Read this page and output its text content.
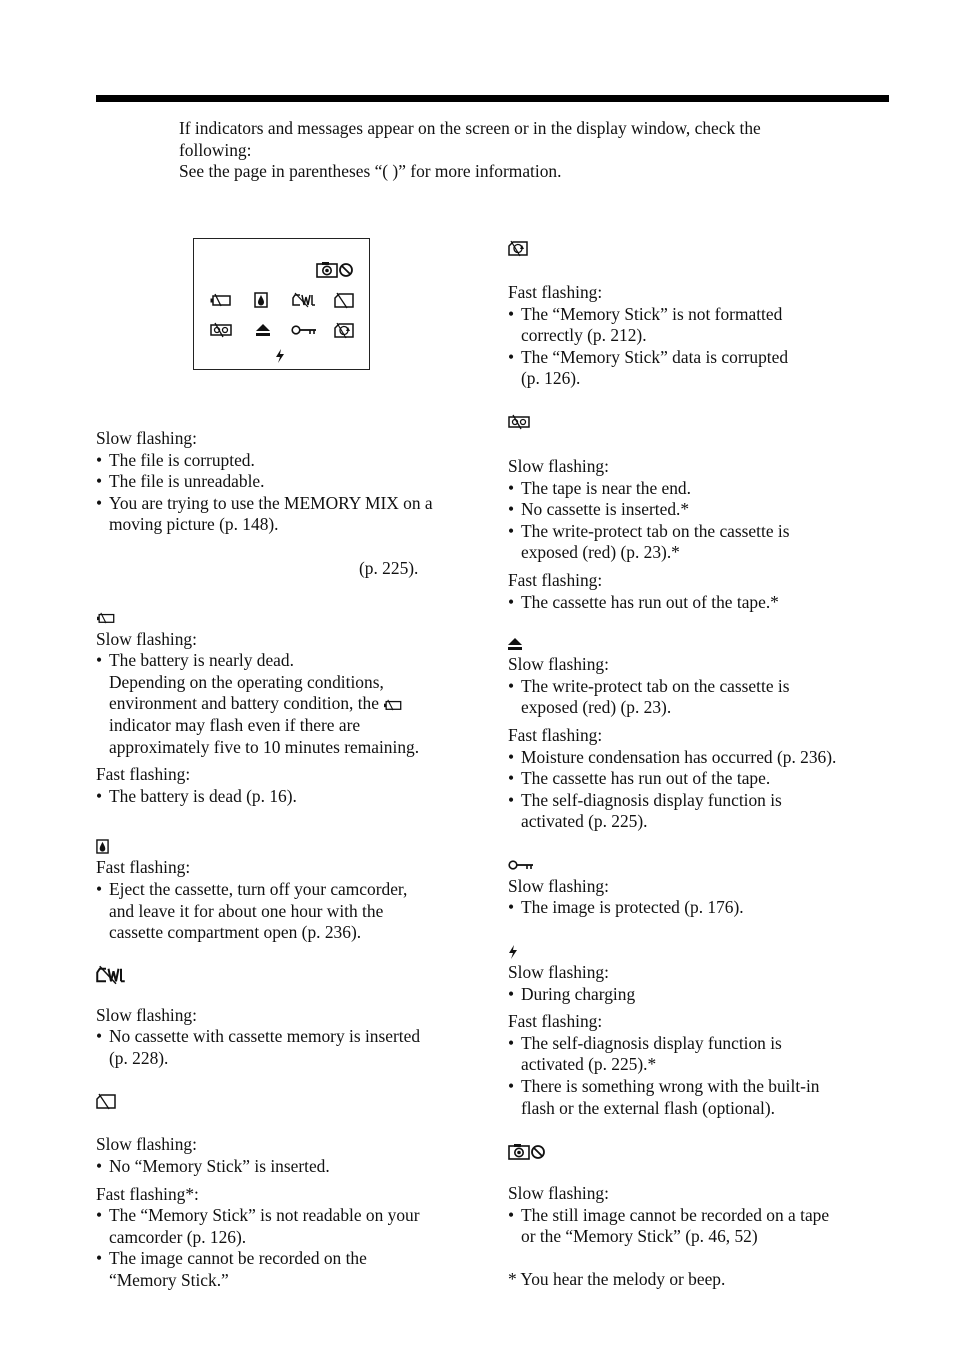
If indicators and messages appear on the screen or in the display window, check the

following:

See the page in parentheses “( )” for more information.

Slow flashing:

• The file is corrupted.
• The file is unreadable.
• You are trying to use the MEMORY MIX on a
moving picture (p. 148).

(p. 225).

Slow flashing:

• The battery is nearly dead.
Depending on the operating conditions,
environment and battery condition, the

indicator may flash even if there are
approximately five to 10 minutes remaining.

Fast flashing:

• The battery is dead (p. 16).

Fast flashing:

• Eject the cassette, turn off your camcorder,
and leave it for about one hour with the
cassette compartment open (p. 236).

Slow flashing:

• No cassette with cassette memory is inserted
(p. 228).

Slow flashing:

• No “Memory Stick” is inserted.

Fast flashing*:

• The “Memory Stick” is not readable on your
camcorder (p. 126).
• The image cannot be recorded on the
“Memory Stick.”

Fast flashing:

• The “Memory Stick” is not formatted
correctly (p. 212).
• The “Memory Stick” data is corrupted
(p. 126).

Slow flashing:

• The tape is near the end.
• No cassette is inserted.*
• The write-protect tab on the cassette is
exposed (red) (p. 23).*

Fast flashing:

• The cassette has run out of the tape.*

Slow flashing:

• The write-protect tab on the cassette is
exposed (red) (p. 23).

Fast flashing:

• Moisture condensation has occurred (p. 236).
• The cassette has run out of the tape.
• The self-diagnosis display function is
activated (p. 225).

Slow flashing:

• The image is protected (p. 176).

Slow flashing:

• During charging

Fast flashing:

• The self-diagnosis display function is
activated (p. 225).*
• There is something wrong with the built-in
flash or the external flash (optional).

Slow flashing:

• The still image cannot be recorded on a tape
or the “Memory Stick” (p. 46, 52)

* You hear the melody or beep.
